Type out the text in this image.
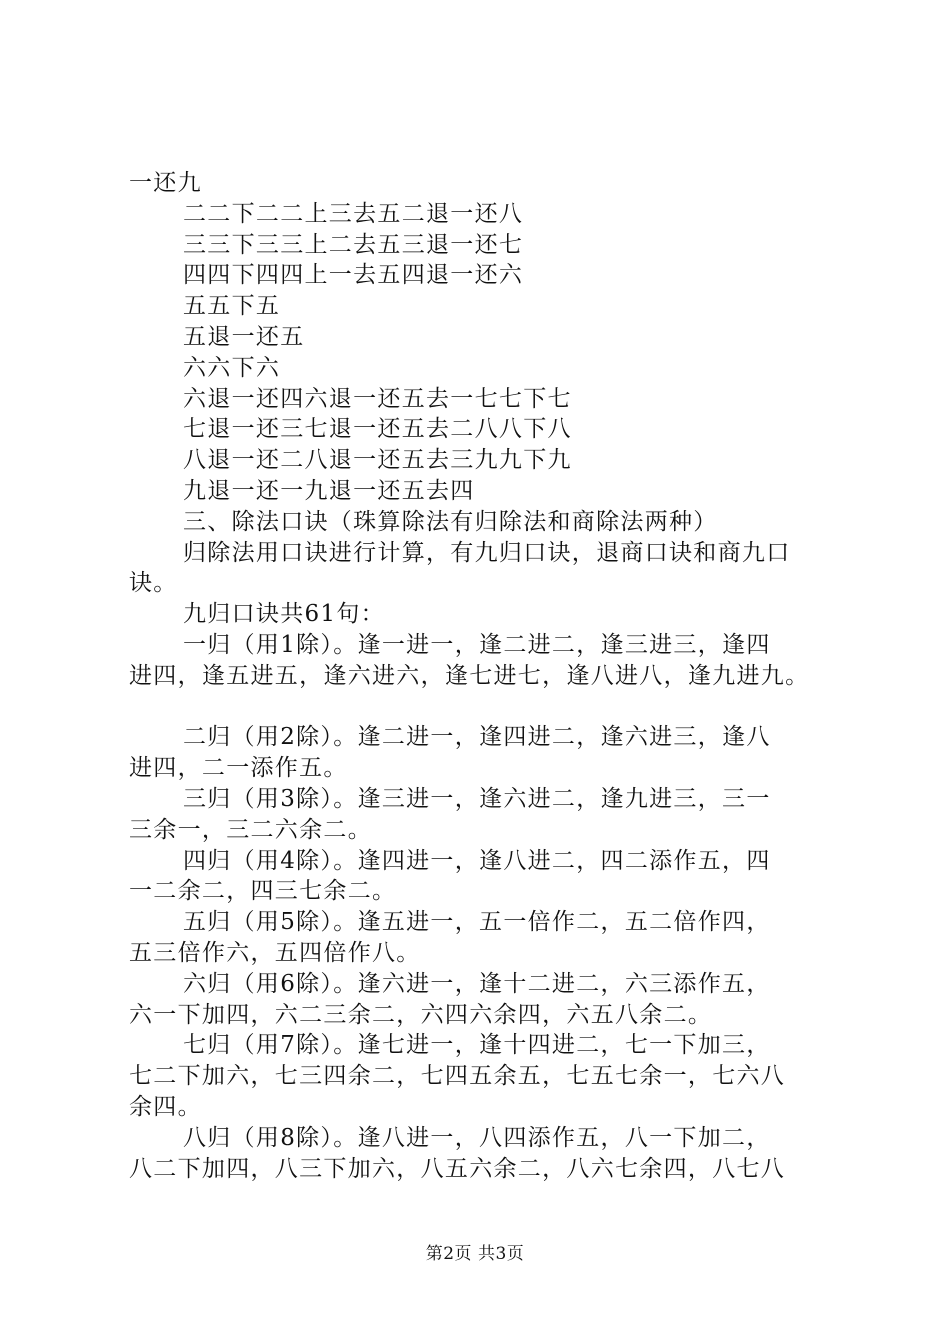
一还九
二二下二二上三去五二退一还八
三三下三三上二去五三退一还七
四四下四四上一去五四退一还六
五五下五
五退一还五
六六下六
六退一还四六退一还五去一七七下七
七退一还三七退一还五去二八八下八
八退一还二八退一还五去三九九下九
九退一还一九退一还五去四
三、除法口诀（珠算除法有归除法和商除法两种）
归除法用口诀进行计算，有九归口诀，退商口诀和商九口
诀。
九归口诀共61句：
一归（用1除）。逢一进一，逢二进二，逢三进三，逢四
进四，逢五进五，逢六进六，逢七进七，逢八进八，逢九进九。
二归（用2除）。逢二进一，逢四进二，逢六进三，逢八
进四，二一添作五。
三归（用3除）。逢三进一，逢六进二，逢九进三，三一
三余一，三二六余二。
四归（用4除）。逢四进一，逢八进二，四二添作五，四
一二余二，四三七余二。
五归（用5除）。逢五进一，五一倍作二，五二倍作四，
五三倍作六，五四倍作八。
六归（用6除）。逢六进一，逢十二进二，六三添作五，
六一下加四，六二三余二，六四六余四，六五八余二。
七归（用7除）。逢七进一，逢十四进二，七一下加三，
七二下加六，七三四余二，七四五余五，七五七余一，七六八
余四。
八归（用8除）。逢八进一，八四添作五，八一下加二，
八二下加四，八三下加六，八五六余二，八六七余四，八七八
第2页 共3页
